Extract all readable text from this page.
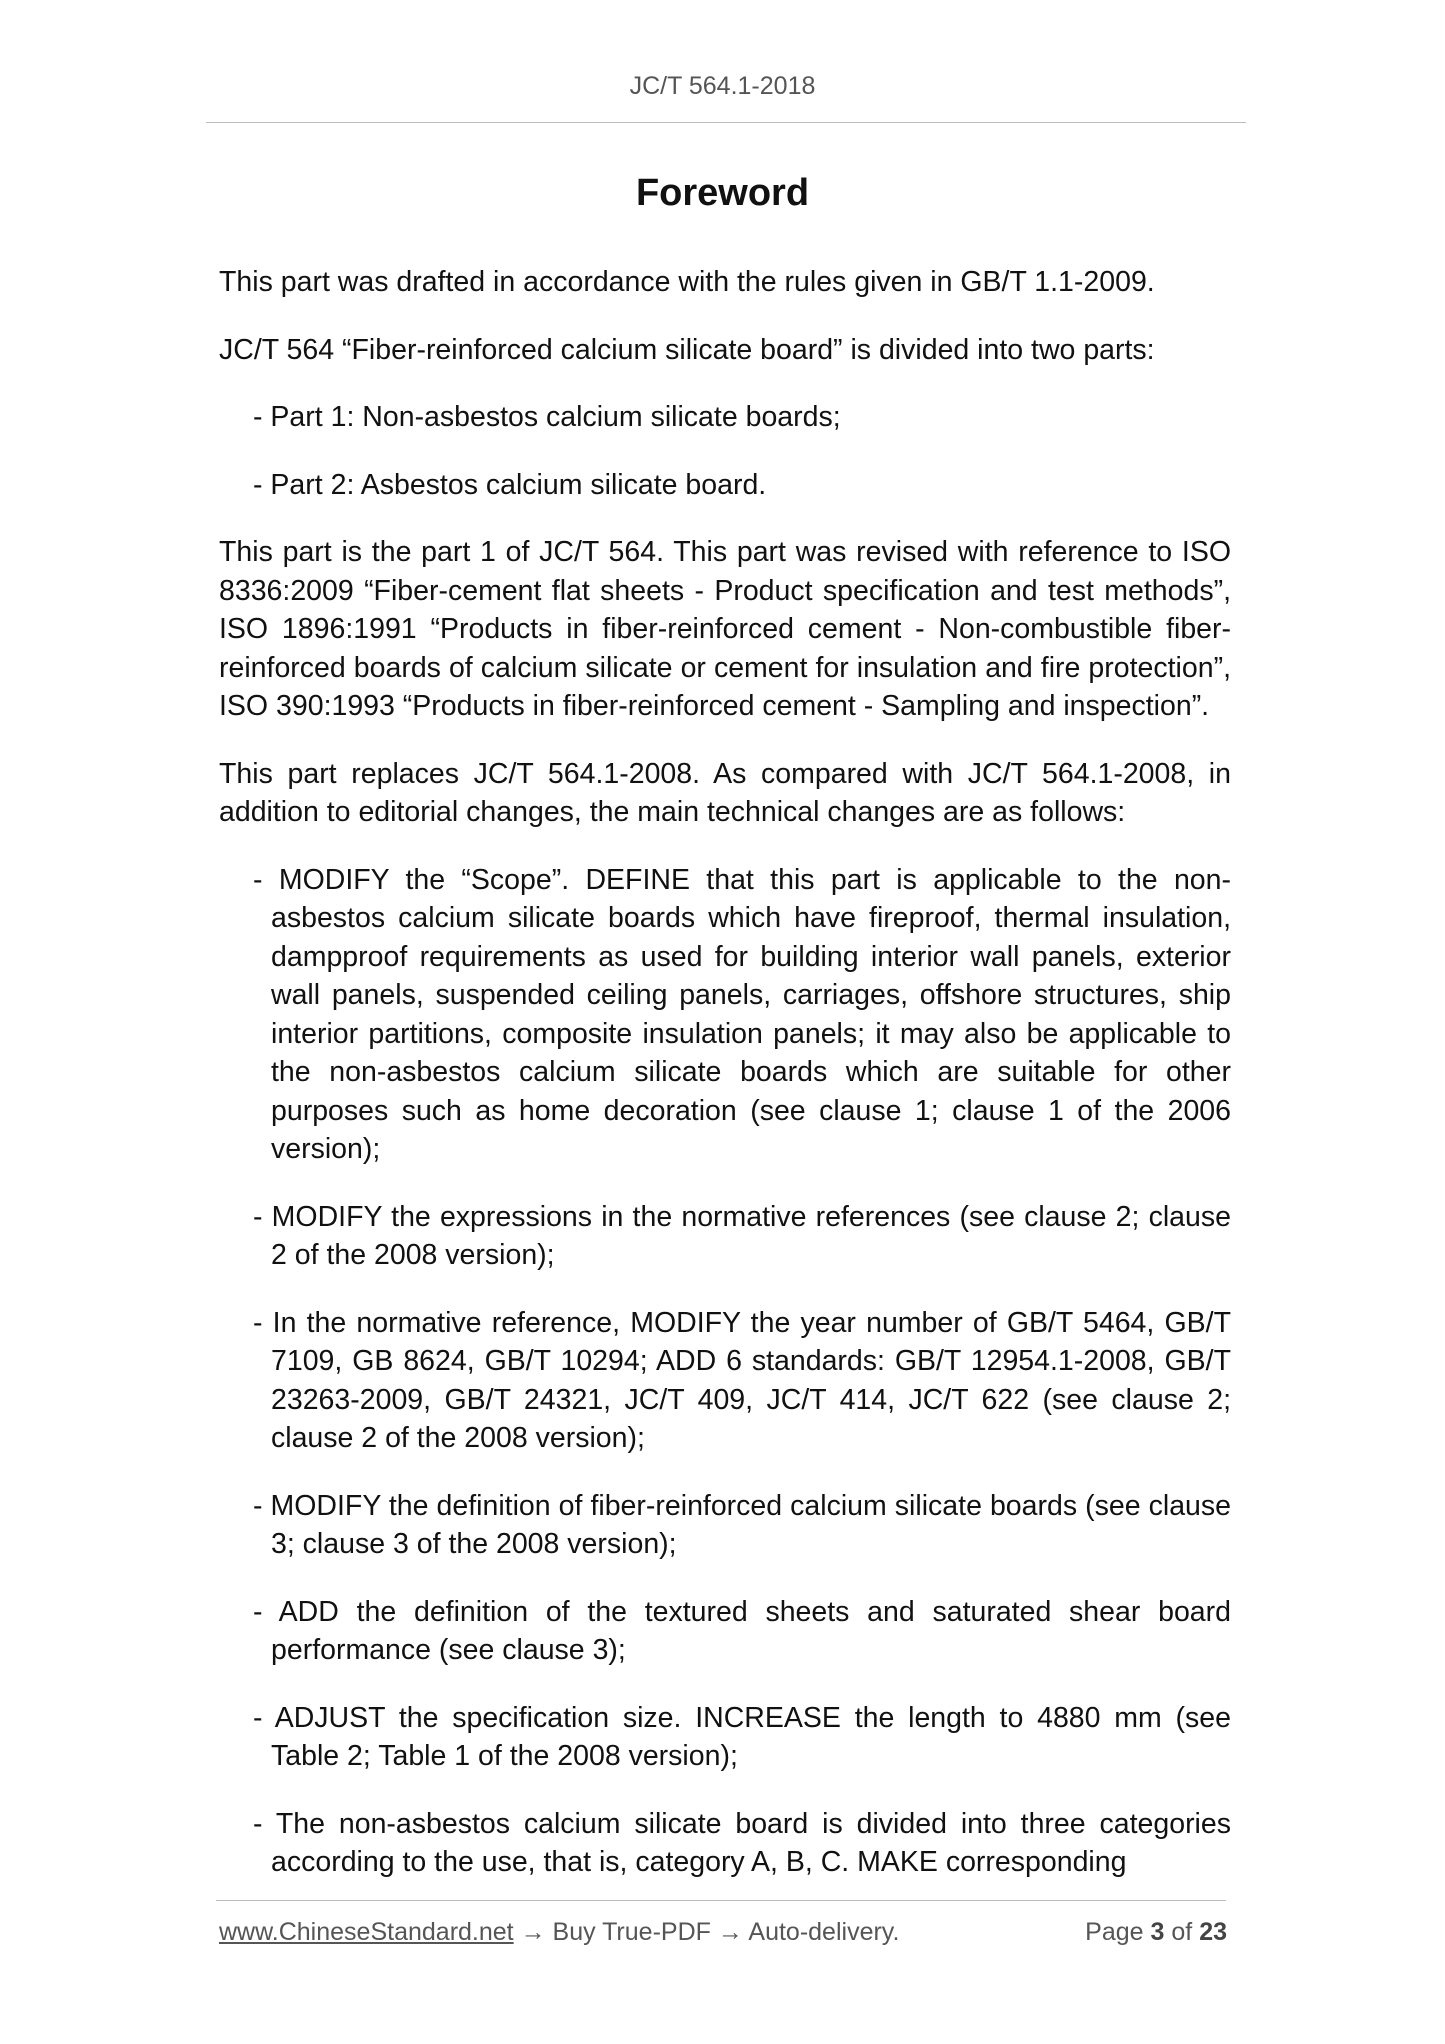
JC/T 564.1-2018
Foreword

This part was drafted in accordance with the rules given in GB/T 1.1-2009.

JC/T 564 “Fiber-reinforced calcium silicate board” is divided into two parts:

- Part 1: Non-asbestos calcium silicate boards;

- Part 2: Asbestos calcium silicate board.

This part is the part 1 of JC/T 564. This part was revised with reference to ISO 8336:2009 “Fiber-cement flat sheets - Product specification and test methods”, ISO 1896:1991 “Products in fiber-reinforced cement - Non-combustible fiber-reinforced boards of calcium silicate or cement for insulation and fire protection”, ISO 390:1993 “Products in fiber-reinforced cement - Sampling and inspection”.

This part replaces JC/T 564.1-2008. As compared with JC/T 564.1-2008, in addition to editorial changes, the main technical changes are as follows:

- MODIFY the “Scope”. DEFINE that this part is applicable to the non-asbestos calcium silicate boards which have fireproof, thermal insulation, dampproof requirements as used for building interior wall panels, exterior wall panels, suspended ceiling panels, carriages, offshore structures, ship interior partitions, composite insulation panels; it may also be applicable to the non-asbestos calcium silicate boards which are suitable for other purposes such as home decoration (see clause 1; clause 1 of the 2006 version);

- MODIFY the expressions in the normative references (see clause 2; clause 2 of the 2008 version);

- In the normative reference, MODIFY the year number of GB/T 5464, GB/T 7109, GB 8624, GB/T 10294; ADD 6 standards: GB/T 12954.1-2008, GB/T 23263-2009, GB/T 24321, JC/T 409, JC/T 414, JC/T 622 (see clause 2; clause 2 of the 2008 version);

- MODIFY the definition of fiber-reinforced calcium silicate boards (see clause 3; clause 3 of the 2008 version);

- ADD the definition of the textured sheets and saturated shear board performance (see clause 3);

- ADJUST the specification size. INCREASE the length to 4880 mm (see Table 2; Table 1 of the 2008 version);

- The non-asbestos calcium silicate board is divided into three categories according to the use, that is, category A, B, C. MAKE corresponding

www.ChineseStandard.net → Buy True-PDF → Auto-delivery.	Page 3 of 23
